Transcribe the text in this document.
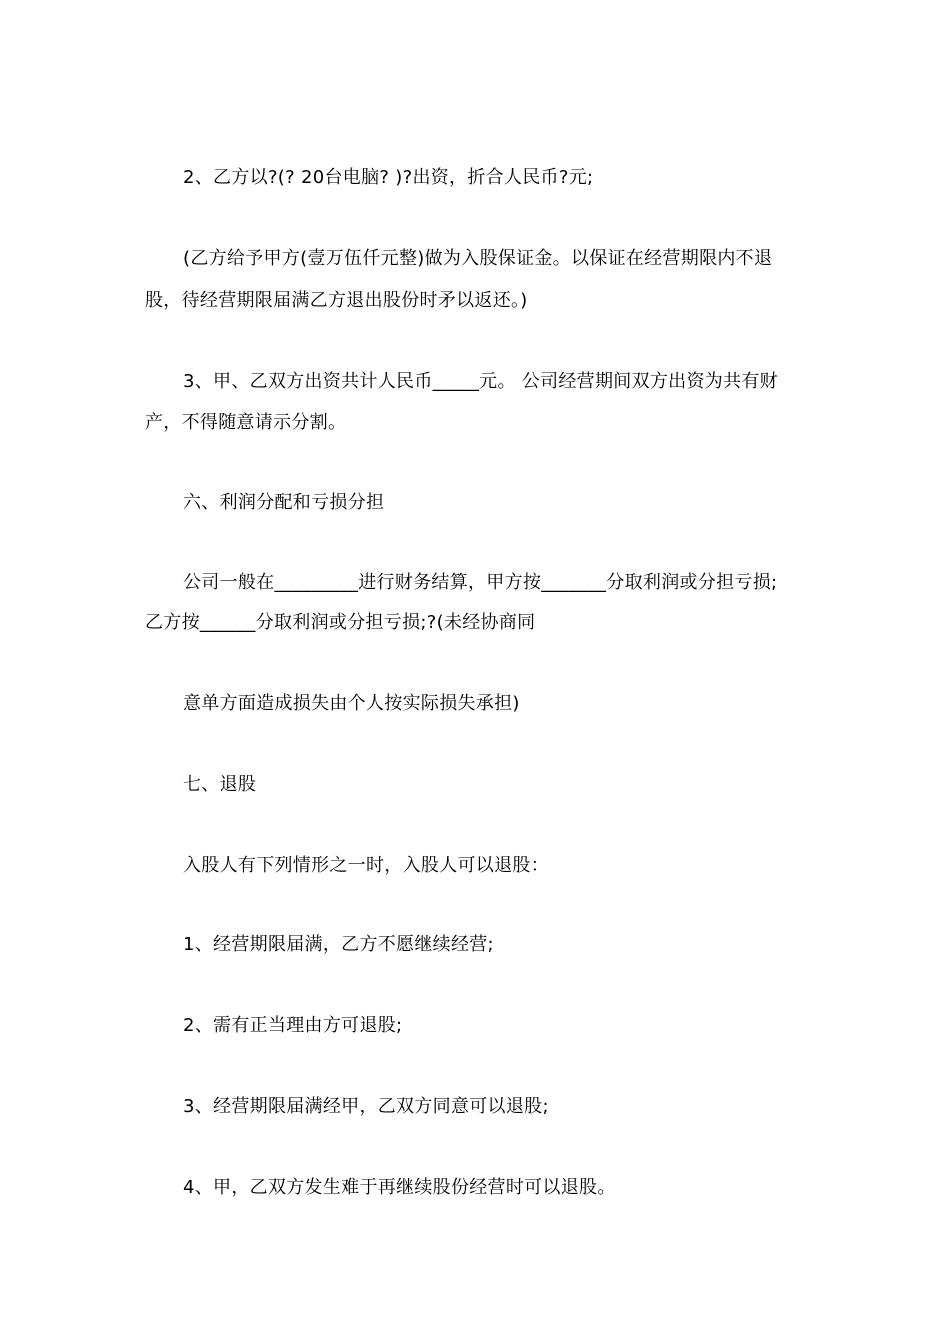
2、乙方以?(? 20台电脑? )?出资，折合人民币?元;
(乙方给予甲方(壹万伍仟元整)做为入股保证金。以保证在经营期限内不退
股，待经营期限届满乙方退出股份时矛以返还。)
3、甲、乙双方出资共计人民币_____元。 公司经营期间双方出资为共有财
产，不得随意请示分割。
六、利润分配和亏损分担
公司一般在_________进行财务结算，甲方按_______分取利润或分担亏损;
乙方按______分取利润或分担亏损;?(未经协商同
意单方面造成损失由个人按实际损失承担)
七、退股
入股人有下列情形之一时，入股人可以退股：
1、经营期限届满，乙方不愿继续经营;
2、需有正当理由方可退股;
3、经营期限届满经甲，乙双方同意可以退股;
4、甲，乙双方发生难于再继续股份经营时可以退股。
